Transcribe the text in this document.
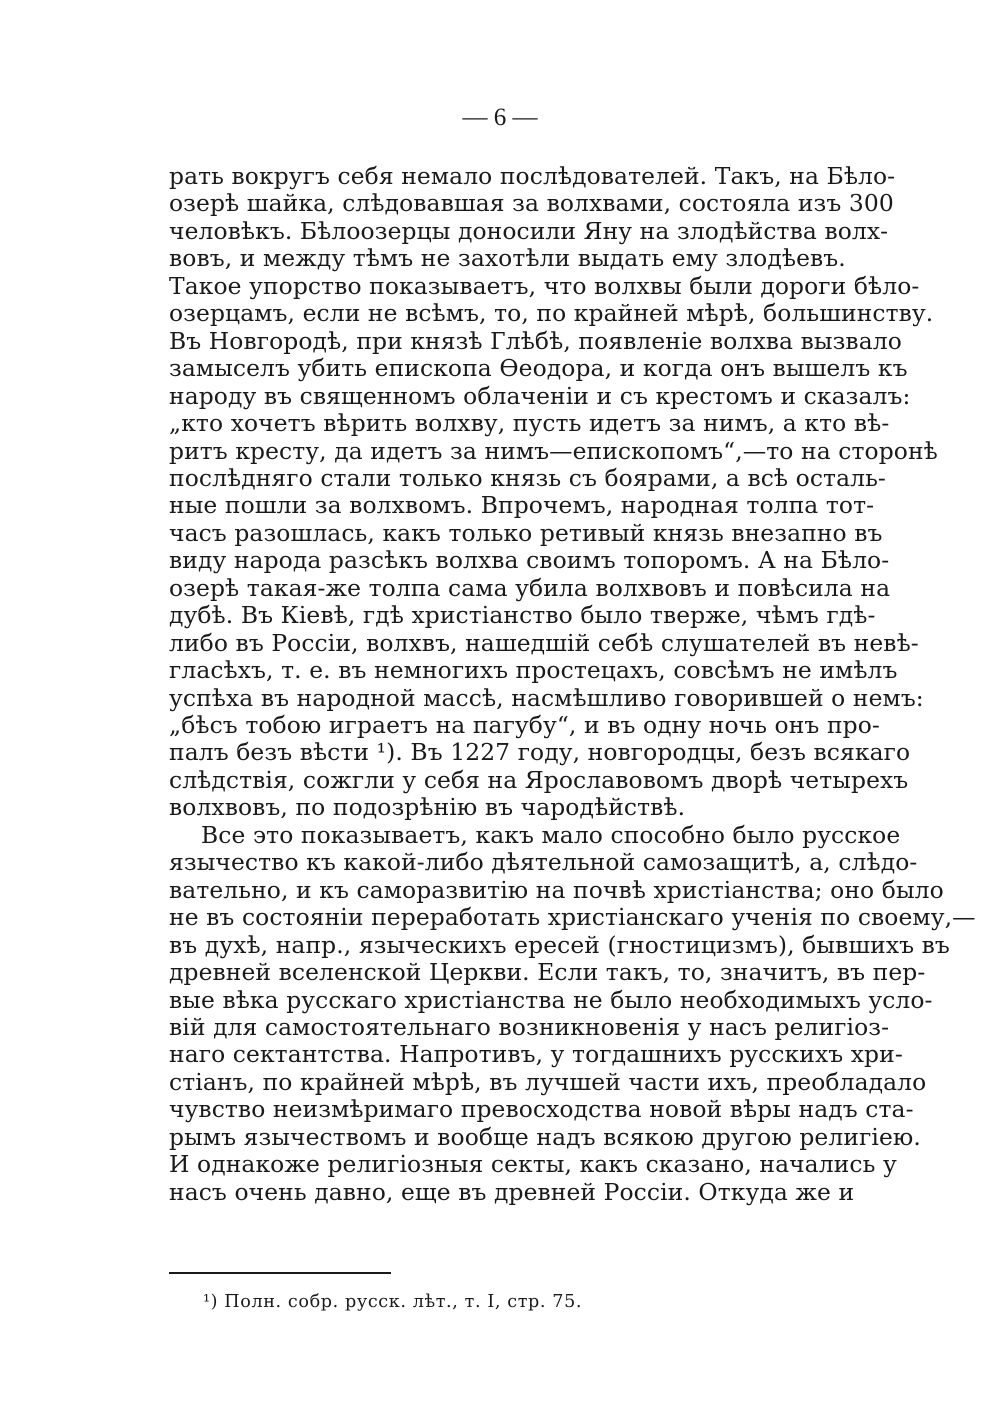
— 6 —
рать вокругъ себя немало послѣдователей. Такъ, на Бѣло-
озерѣ шайка, слѣдовавшая за волхвами, состояла изъ 300
человѣкъ. Бѣлоозерцы доносили Яну на злодѣйства волх-
вовъ, и между тѣмъ не захотѣли выдать ему злодѣевъ.
Такое упорство показываетъ, что волхвы были дороги бѣло-
озерцамъ, если не всѣмъ, то, по крайней мѣрѣ, большинству.
Въ Новгородѣ, при князѣ Глѣбѣ, появленіе волхва вызвало
замыселъ убить епископа Ѳеодора, и когда онъ вышелъ къ
народу въ священномъ облаченіи и съ крестомъ и сказалъ:
„кто хочетъ вѣрить волхву, пусть идетъ за нимъ, а кто вѣ-
ритъ кресту, да идетъ за нимъ—епископомъ“,—то на сторонѣ
послѣдняго стали только князь съ боярами, а всѣ осталь-
ные пошли за волхвомъ. Впрочемъ, народная толпа тот-
часъ разошлась, какъ только ретивый князь внезапно въ
виду народа разсѣкъ волхва своимъ топоромъ. А на Бѣло-
озерѣ такая-же толпа сама убила волхвовъ и повѣсила на
дубѣ. Въ Кіевѣ, гдѣ христіанство было тверже, чѣмъ гдѣ-
либо въ Россіи, волхвъ, нашедшій себѣ слушателей въ невѣ-
гласѣхъ, т. е. въ немногихъ простецахъ, совсѣмъ не имѣлъ
успѣха въ народной массѣ, насмѣшливо говорившей о немъ:
„бѣсъ тобою играетъ на пагубу“, и въ одну ночь онъ про-
палъ безъ вѣсти ¹). Въ 1227 году, новгородцы, безъ всякаго
слѣдствія, сожгли у себя на Ярославовомъ дворѣ четырехъ
волхвовъ, по подозрѣнію въ чародѣйствѣ.
Все это показываетъ, какъ мало способно было русское
язычество къ какой-либо дѣятельной самозащитѣ, а, слѣдо-
вательно, и къ саморазвитію на почвѣ христіанства; оно было
не въ состояніи переработать христіанскаго ученія по своему,—
въ духѣ, напр., языческихъ ересей (гностицизмъ), бывшихъ въ
древней вселенской Церкви. Если такъ, то, значитъ, въ пер-
вые вѣка русскаго христіанства не было необходимыхъ усло-
вій для самостоятельнаго возникновенія у насъ религіоз-
наго сектантства. Напротивъ, у тогдашнихъ русскихъ хри-
стіанъ, по крайней мѣрѣ, въ лучшей части ихъ, преобладало
чувство неизмѣримаго превосходства новой вѣры надъ ста-
рымъ язычествомъ и вообще надъ всякою другою религіею.
И однакоже религіозныя секты, какъ сказано, начались у
насъ очень давно, еще въ древней Россіи. Откуда же и
¹) Полн. собр. русск. лѣт., т. I, стр. 75.
